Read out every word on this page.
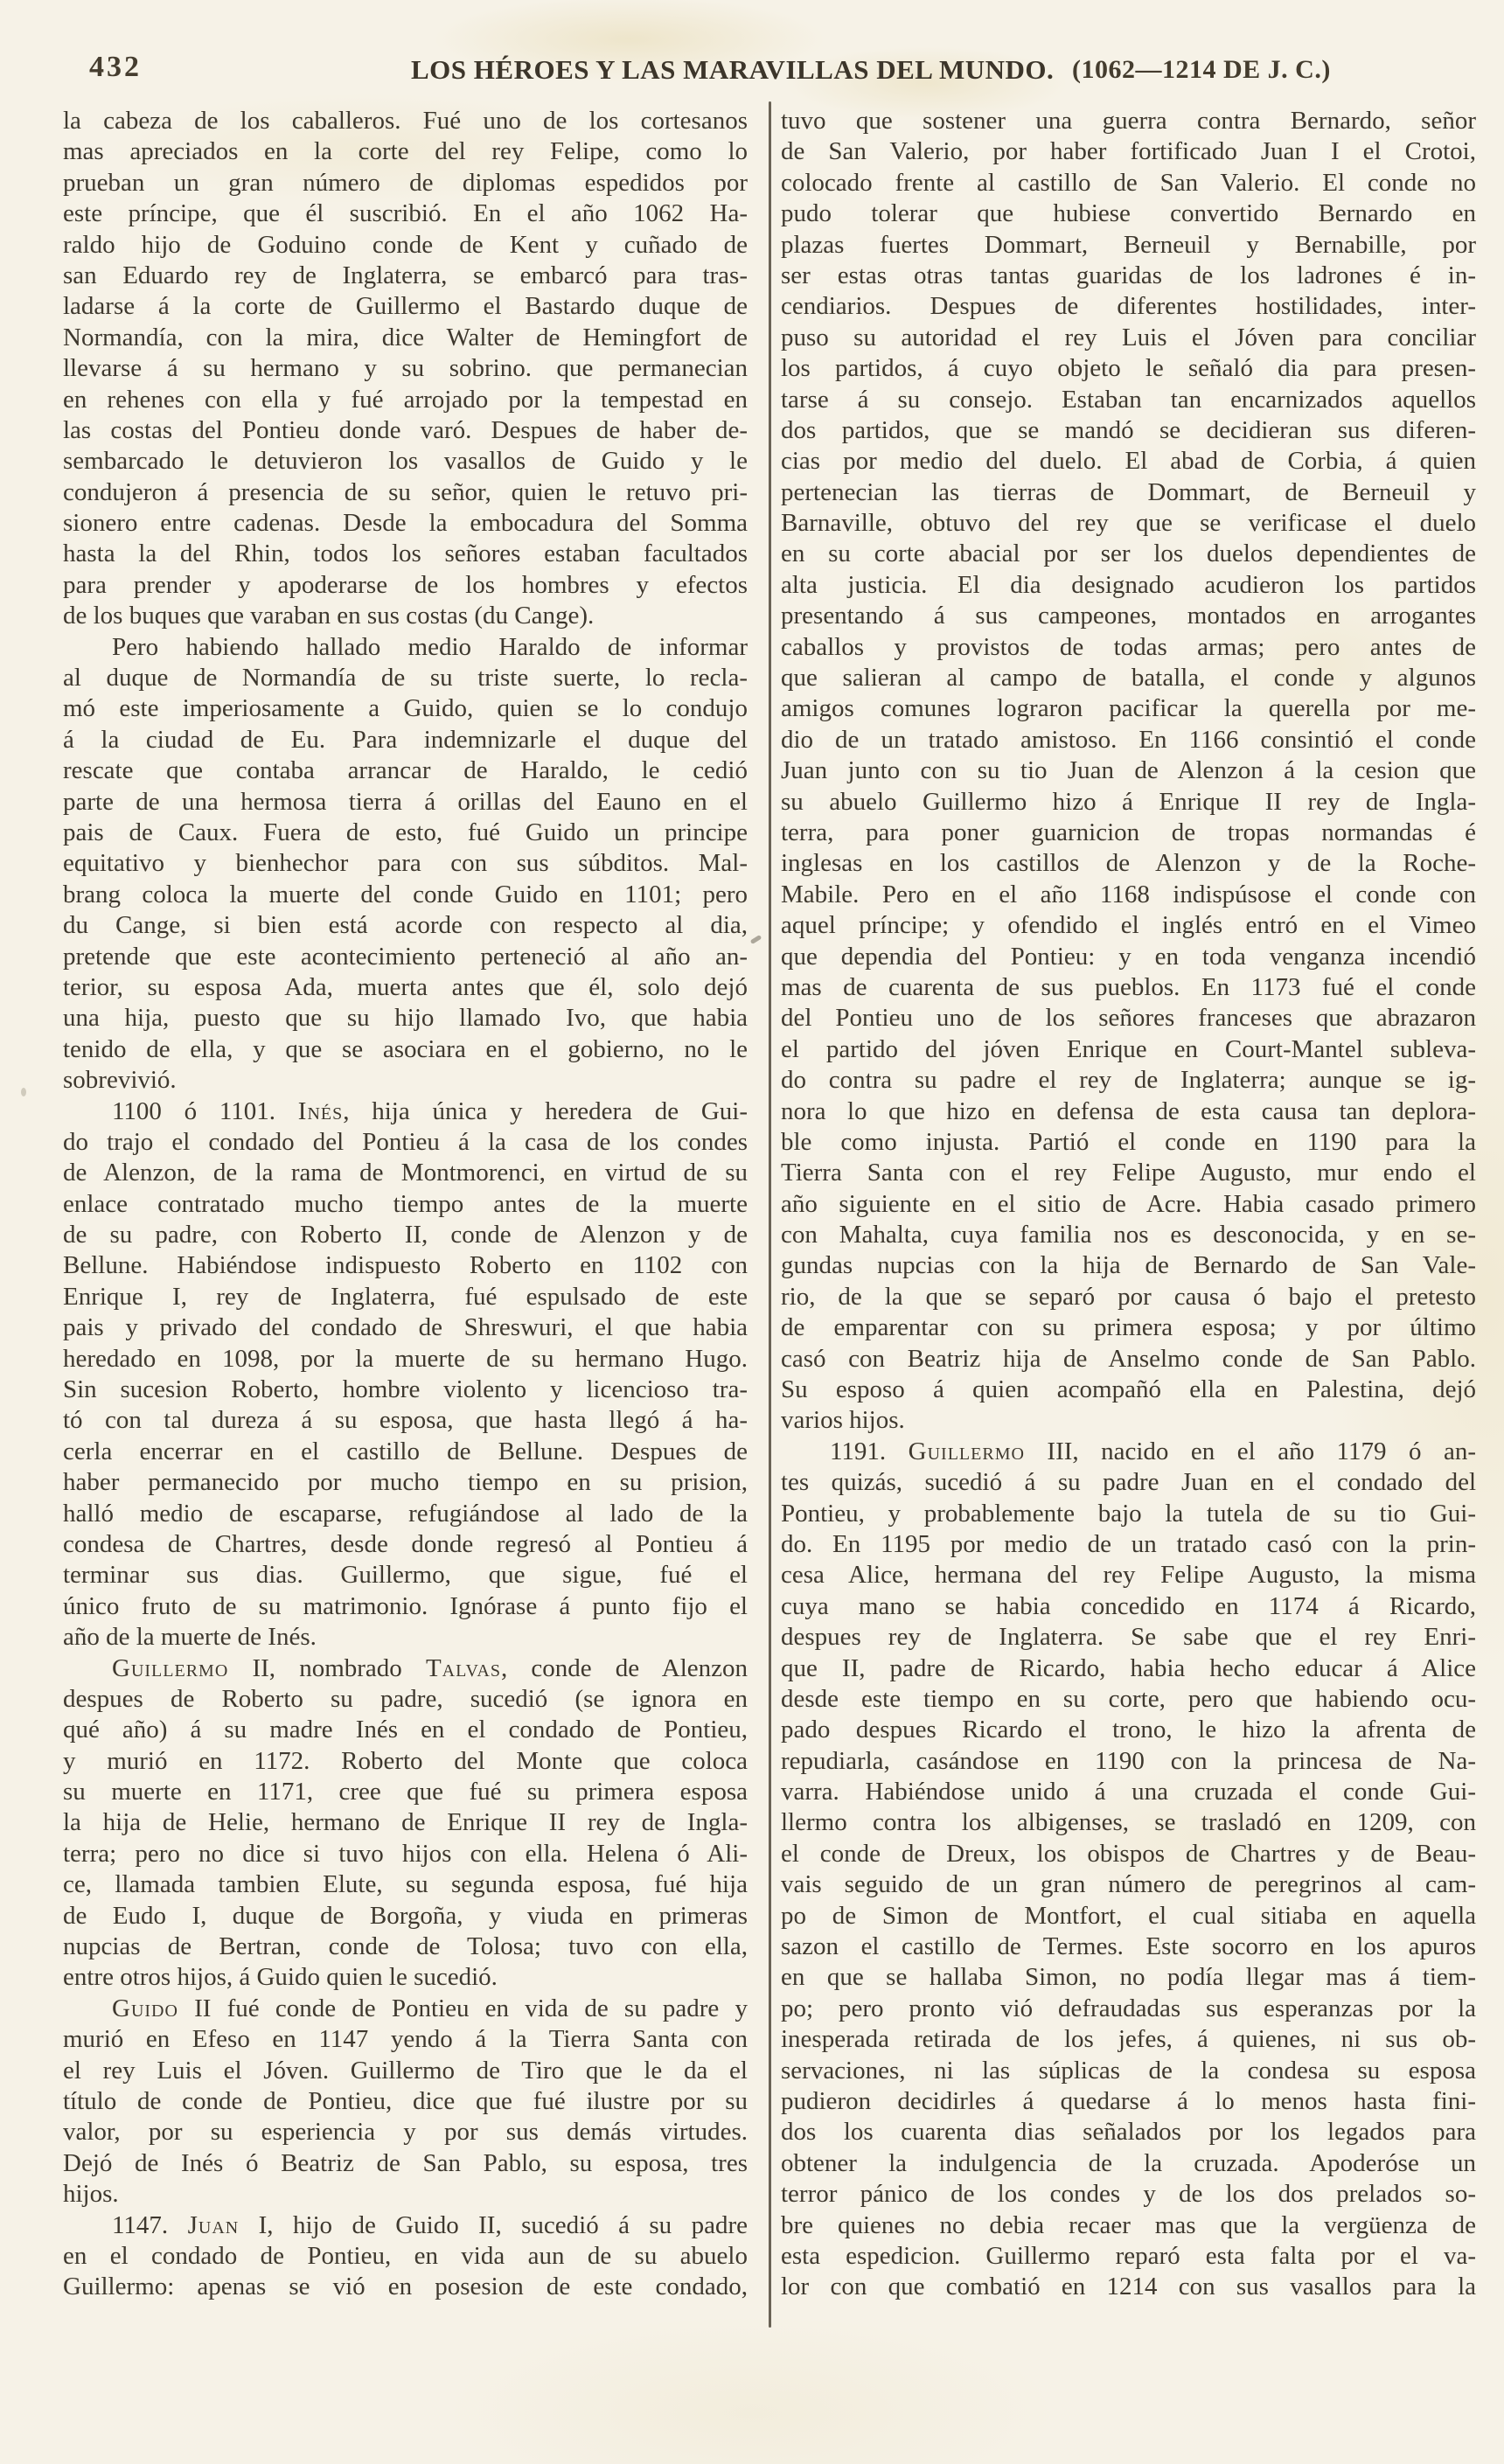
432	LOS HÉROES Y LAS MARAVILLAS DEL MUNDO. (1062—1214 DE J. C.)
la cabeza de los caballeros. Fué uno de los cortesanos
mas apreciados en la corte del rey Felipe, como lo
prueban un gran número de diplomas espedidos por
este príncipe, que él suscribió. En el año 1062 Ha-
raldo hijo de Goduino conde de Kent y cuñado de
san Eduardo rey de Inglaterra, se embarcó para tras-
ladarse á la corte de Guillermo el Bastardo duque de
Normandía, con la mira, dice Walter de Hemingfort de
llevarse á su hermano y su sobrino. que permanecian
en rehenes con ella y fué arrojado por la tempestad en
las costas del Pontieu donde varó. Despues de haber de-
sembarcado le detuvieron los vasallos de Guido y le
condujeron á presencia de su señor, quien le retuvo pri-
sionero entre cadenas. Desde la embocadura del Somma
hasta la del Rhin, todos los señores estaban facultados
para prender y apoderarse de los hombres y efectos
de los buques que varaban en sus costas (du Cange).
Pero habiendo hallado medio Haraldo de informar
al duque de Normandía de su triste suerte, lo recla-
mó este imperiosamente a Guido, quien se lo condujo
á la ciudad de Eu. Para indemnizarle el duque del
rescate que contaba arrancar de Haraldo, le cedió
parte de una hermosa tierra á orillas del Eauno en el
pais de Caux. Fuera de esto, fué Guido un principe
equitativo y bienhechor para con sus súbditos. Mal-
brang coloca la muerte del conde Guido en 1101; pero
du Cange, si bien está acorde con respecto al dia,
pretende que este acontecimiento perteneció al año an-
terior, su esposa Ada, muerta antes que él, solo dejó
una hija, puesto que su hijo llamado Ivo, que habia
tenido de ella, y que se asociara en el gobierno, no le
sobrevivió.
1100 ó 1101. Inés, hija única y heredera de Gui-
do trajo el condado del Pontieu á la casa de los condes
de Alenzon, de la rama de Montmorenci, en virtud de su
enlace contratado mucho tiempo antes de la muerte
de su padre, con Roberto II, conde de Alenzon y de
Bellune. Habiéndose indispuesto Roberto en 1102 con
Enrique I, rey de Inglaterra, fué espulsado de este
pais y privado del condado de Shreswuri, el que habia
heredado en 1098, por la muerte de su hermano Hugo.
Sin sucesion Roberto, hombre violento y licencioso tra-
tó con tal dureza á su esposa, que hasta llegó á ha-
cerla encerrar en el castillo de Bellune. Despues de
haber permanecido por mucho tiempo en su prision,
halló medio de escaparse, refugiándose al lado de la
condesa de Chartres, desde donde regresó al Pontieu á
terminar sus dias. Guillermo, que sigue, fué el
único fruto de su matrimonio. Ignórase á punto fijo el
año de la muerte de Inés.
Guillermo II, nombrado Talvas, conde de Alenzon
despues de Roberto su padre, sucedió (se ignora en
qué año) á su madre Inés en el condado de Pontieu,
y murió en 1172. Roberto del Monte que coloca
su muerte en 1171, cree que fué su primera esposa
la hija de Helie, hermano de Enrique II rey de Ingla-
terra; pero no dice si tuvo hijos con ella. Helena ó Ali-
ce, llamada tambien Elute, su segunda esposa, fué hija
de Eudo I, duque de Borgoña, y viuda en primeras
nupcias de Bertran, conde de Tolosa; tuvo con ella,
entre otros hijos, á Guido quien le sucedió.
Guido II fué conde de Pontieu en vida de su padre y
murió en Efeso en 1147 yendo á la Tierra Santa con
el rey Luis el Jóven. Guillermo de Tiro que le da el
título de conde de Pontieu, dice que fué ilustre por su
valor, por su esperiencia y por sus demás virtudes.
Dejó de Inés ó Beatriz de San Pablo, su esposa, tres
hijos.
1147. Juan I, hijo de Guido II, sucedió á su padre
en el condado de Pontieu, en vida aun de su abuelo
Guillermo: apenas se vió en posesion de este condado,
tuvo que sostener una guerra contra Bernardo, señor
de San Valerio, por haber fortificado Juan I el Crotoi,
colocado frente al castillo de San Valerio. El conde no
pudo tolerar que hubiese convertido Bernardo en
plazas fuertes Dommart, Berneuil y Bernabille, por
ser estas otras tantas guaridas de los ladrones é in-
cendiarios. Despues de diferentes hostilidades, inter-
puso su autoridad el rey Luis el Jóven para conciliar
los partidos, á cuyo objeto le señaló dia para presen-
tarse á su consejo. Estaban tan encarnizados aquellos
dos partidos, que se mandó se decidieran sus diferen-
cias por medio del duelo. El abad de Corbia, á quien
pertenecian las tierras de Dommart, de Berneuil y
Barnaville, obtuvo del rey que se verificase el duelo
en su corte abacial por ser los duelos dependientes de
alta justicia. El dia designado acudieron los partidos
presentando á sus campeones, montados en arrogantes
caballos y provistos de todas armas; pero antes de
que salieran al campo de batalla, el conde y algunos
amigos comunes lograron pacificar la querella por me-
dio de un tratado amistoso. En 1166 consintió el conde
Juan junto con su tio Juan de Alenzon á la cesion que
su abuelo Guillermo hizo á Enrique II rey de Ingla-
terra, para poner guarnicion de tropas normandas é
inglesas en los castillos de Alenzon y de la Roche-
Mabile. Pero en el año 1168 indispúsose el conde con
aquel príncipe; y ofendido el inglés entró en el Vimeo
que dependia del Pontieu: y en toda venganza incendió
mas de cuarenta de sus pueblos. En 1173 fué el conde
del Pontieu uno de los señores franceses que abrazaron
el partido del jóven Enrique en Court-Mantel subleva-
do contra su padre el rey de Inglaterra; aunque se ig-
nora lo que hizo en defensa de esta causa tan deplora-
ble como injusta. Partió el conde en 1190 para la
Tierra Santa con el rey Felipe Augusto, mur endo el
año siguiente en el sitio de Acre. Habia casado primero
con Mahalta, cuya familia nos es desconocida, y en se-
gundas nupcias con la hija de Bernardo de San Vale-
rio, de la que se separó por causa ó bajo el pretesto
de emparentar con su primera esposa; y por último
casó con Beatriz hija de Anselmo conde de San Pablo.
Su esposo á quien acompañó ella en Palestina, dejó
varios hijos.
1191. Guillermo III, nacido en el año 1179 ó an-
tes quizás, sucedió á su padre Juan en el condado del
Pontieu, y probablemente bajo la tutela de su tio Gui-
do. En 1195 por medio de un tratado casó con la prin-
cesa Alice, hermana del rey Felipe Augusto, la misma
cuya mano se habia concedido en 1174 á Ricardo,
despues rey de Inglaterra. Se sabe que el rey Enri-
que II, padre de Ricardo, habia hecho educar á Alice
desde este tiempo en su corte, pero que habiendo ocu-
pado despues Ricardo el trono, le hizo la afrenta de
repudiarla, casándose en 1190 con la princesa de Na-
varra. Habiéndose unido á una cruzada el conde Gui-
llermo contra los albigenses, se trasladó en 1209, con
el conde de Dreux, los obispos de Chartres y de Beau-
vais seguido de un gran número de peregrinos al cam-
po de Simon de Montfort, el cual sitiaba en aquella
sazon el castillo de Termes. Este socorro en los apuros
en que se hallaba Simon, no podía llegar mas á tiem-
po; pero pronto vió defraudadas sus esperanzas por la
inesperada retirada de los jefes, á quienes, ni sus ob-
servaciones, ni las súplicas de la condesa su esposa
pudieron decidirles á quedarse á lo menos hasta fini-
dos los cuarenta dias señalados por los legados para
obtener la indulgencia de la cruzada. Apoderóse un
terror pánico de los condes y de los dos prelados so-
bre quienes no debia recaer mas que la vergüenza de
esta espedicion. Guillermo reparó esta falta por el va-
lor con que combatió en 1214 con sus vasallos para la
